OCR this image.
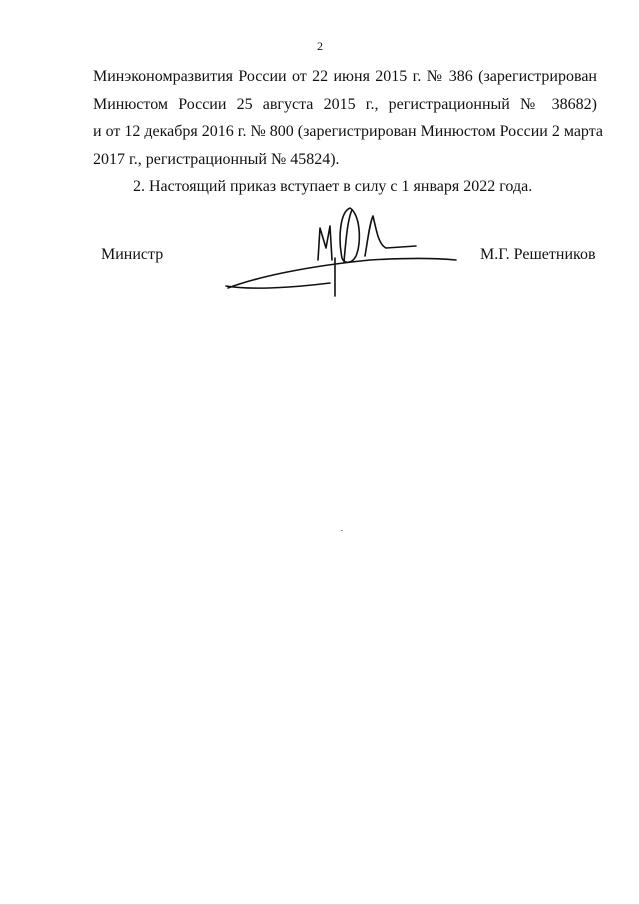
2
Минэкономразвития России от 22 июня 2015 г. № 386 (зарегистрирован
Минюстом России 25 августа 2015 г., регистрационный № 38682)
и от 12 декабря 2016 г. № 800 (зарегистрирован Минюстом России 2 марта
2017 г., регистрационный № 45824).

2. Настоящий приказ вступает в силу с 1 января 2022 года.

Министр	М.Г. Решетников
